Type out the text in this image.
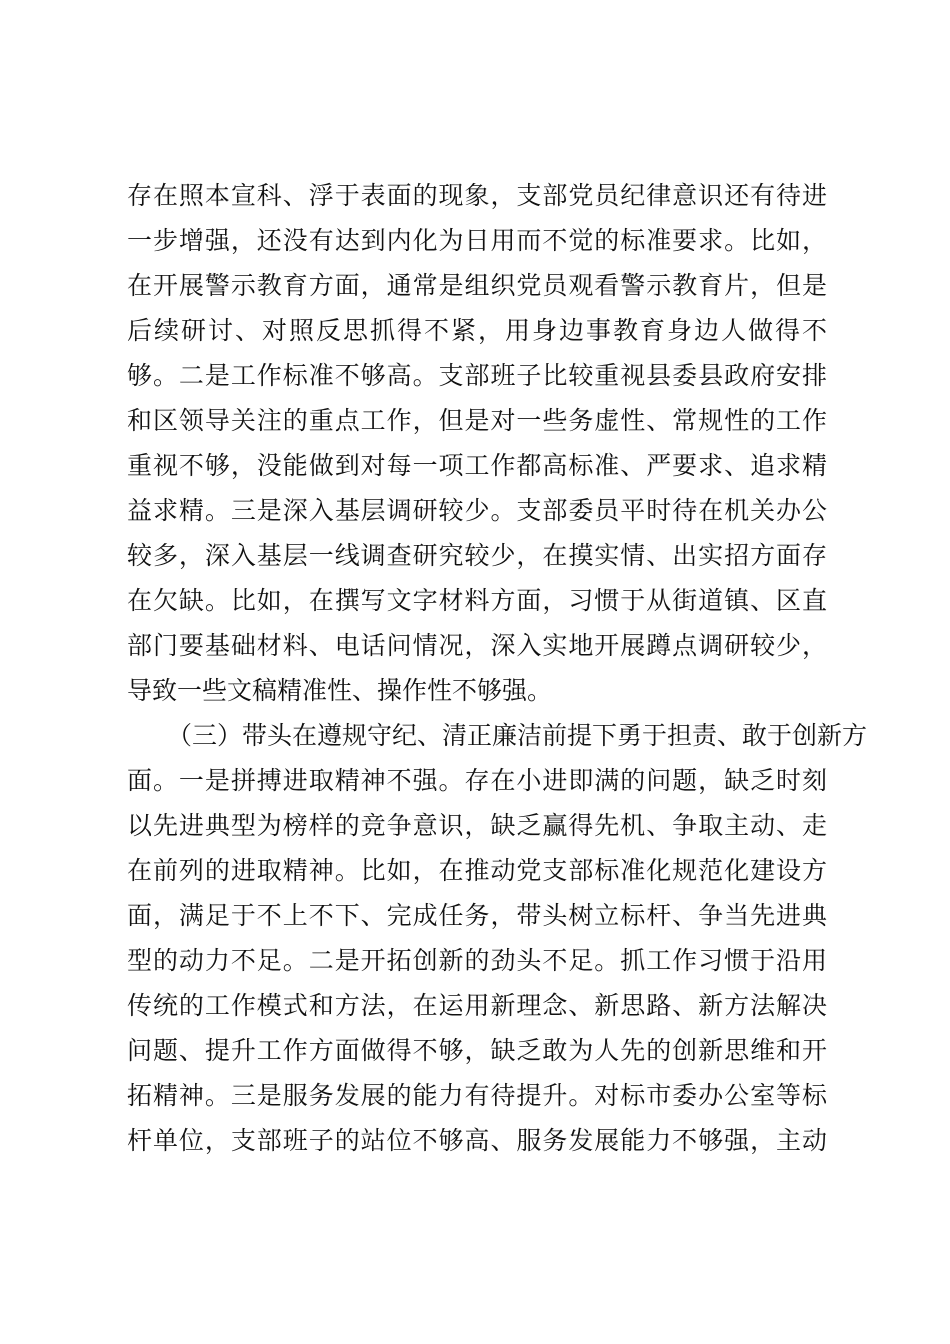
存在照本宣科、浮于表面的现象，支部党员纪律意识还有待进
一步增强，还没有达到内化为日用而不觉的标准要求。比如，
在开展警示教育方面，通常是组织党员观看警示教育片，但是
后续研讨、对照反思抓得不紧，用身边事教育身边人做得不
够。二是工作标准不够高。支部班子比较重视县委县政府安排
和区领导关注的重点工作，但是对一些务虚性、常规性的工作
重视不够，没能做到对每一项工作都高标准、严要求、追求精
益求精。三是深入基层调研较少。支部委员平时待在机关办公
较多，深入基层一线调查研究较少，在摸实情、出实招方面存
在欠缺。比如，在撰写文字材料方面，习惯于从街道镇、区直
部门要基础材料、电话问情况，深入实地开展蹲点调研较少，
导致一些文稿精准性、操作性不够强。
（三）带头在遵规守纪、清正廉洁前提下勇于担责、敢于创新方
面。一是拼搏进取精神不强。存在小进即满的问题，缺乏时刻
以先进典型为榜样的竞争意识，缺乏赢得先机、争取主动、走
在前列的进取精神。比如，在推动党支部标准化规范化建设方
面，满足于不上不下、完成任务，带头树立标杆、争当先进典
型的动力不足。二是开拓创新的劲头不足。抓工作习惯于沿用
传统的工作模式和方法，在运用新理念、新思路、新方法解决
问题、提升工作方面做得不够，缺乏敢为人先的创新思维和开
拓精神。三是服务发展的能力有待提升。对标市委办公室等标
杆单位，支部班子的站位不够高、服务发展能力不够强，主动
